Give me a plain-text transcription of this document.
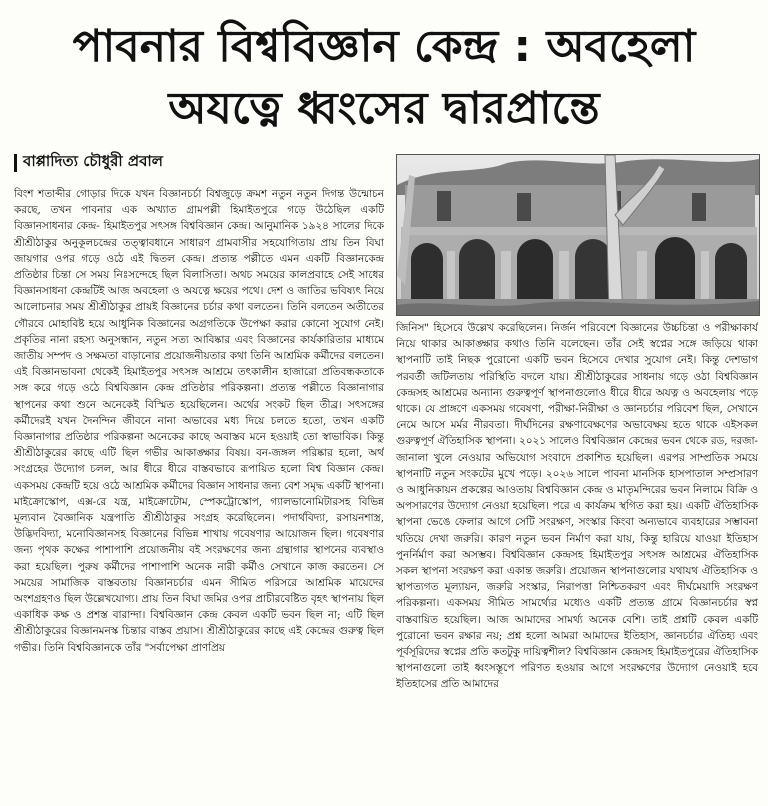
পাবনার বিশ্ববিজ্ঞান কেন্দ্র : অবহেলা
অযত্নে ধ্বংসের দ্বারপ্রান্তে
বাপ্পাদিত্য চৌধুরী প্রবাল

বিংশ শতাব্দীর গোড়ার দিকে যখন বিজ্ঞানচর্চা বিশ্বজুড়ে ক্রমশ নতুন নতুন দিগন্ত উন্মোচন করছে, তখন পাবনার এক অখ্যাত গ্রামপল্লী হিমাইতপুরে গড়ে উঠেছিল একটি বিজ্ঞানসাধনার কেন্দ্র- হিমাইতপুর সৎসঙ্গ বিশ্ববিজ্ঞান কেন্দ্র। আনুমানিক ১৯২৪ সালের দিকে শ্রীশ্রীঠাকুর অনুকূলচন্দ্রের তত্ত্বাবধানে সাধারণ গ্রামবাসীর সহযোগিতায় প্রায় তিন বিঘা জায়গার ওপর গড়ে ওঠে এই দ্বিতল কেন্দ্র। প্রত্যন্ত পল্লীতে এমন একটি বিজ্ঞানকেন্দ্র প্রতিষ্ঠার চিন্তা সে সময় নিঃসন্দেহে ছিল বিলাসিতা। অথচ সময়ের কালপ্রবাহে সেই সাধের বিজ্ঞানসাধনা কেন্দ্রটিই আজ অবহেলা ও অযত্নে ক্ষয়ের পথে। দেশ ও জাতির ভবিষ্যৎ নিয়ে আলোচনার সময় শ্রীশ্রীঠাকুর প্রায়ই বিজ্ঞানের চর্চার কথা বলতেন। তিনি বলতেন অতীতের গৌরবে মোহাবিষ্ট হয়ে আধুনিক বিজ্ঞানের অগ্রগতিকে উপেক্ষা করার কোনো সুযোগ নেই। প্রকৃতির নানা রহস্য অনুসন্ধান, নতুন সত্য আবিষ্কার এবং বিজ্ঞানের কার্যকারিতার মাধ্যমে জাতীয় সম্পদ ও সক্ষমতা বাড়ানোর প্রয়োজনীয়তার কথা তিনি আশ্রমিক কর্মীদের বলতেন। এই বিজ্ঞানভাবনা থেকেই হিমাইতপুর সৎসঙ্গ আশ্রমে তৎকালীন হাজারো প্রতিবন্ধকতাকে সঙ্গ করে গড়ে ওঠে বিশ্ববিজ্ঞান কেন্দ্র প্রতিষ্ঠার পরিকল্পনা। প্রত্যন্ত পল্লীতে বিজ্ঞানাগার স্থাপনের কথা শুনে অনেকেই বিস্মিত হয়েছিলেন। অর্থের সংকট ছিল তীব্র। সৎসঙ্গের কর্মীদেরই যখন দৈনন্দিন জীবনে নানা অভাবের মধ্য দিয়ে চলতে হতো, তখন একটি বিজ্ঞানাগার প্রতিষ্ঠার পরিকল্পনা অনেকের কাছে অবাস্তব মনে হওয়াই তো স্বাভাবিক। কিন্তু শ্রীশ্রীঠাকুরের কাছে এটি ছিল গভীর আকাঙ্ক্ষার বিষয়। বন-জঙ্গল পরিষ্কার হলো, অর্থ সংগ্রহের উদ্যোগ চলল, আর ধীরে ধীরে বাস্তবভাবে রূপায়িত হলো বিশ্ব বিজ্ঞান কেন্দ্র। একসময় কেন্দ্রটি হয়ে ওঠে আশ্রমিক কর্মীদের বিজ্ঞান সাধনার জন্য বেশ সমৃদ্ধ একটি স্থাপনা। মাইক্রোস্কোপ, এক্স-রে যন্ত্র, মাইক্রোটোম, স্পেকট্রোস্কোপ, গ্যালভানোমিটারসহ বিভিন্ন মূল্যবান বৈজ্ঞানিক যন্ত্রপাতি শ্রীশ্রীঠাকুর সংগ্রহ করেছিলেন। পদার্থবিদ্যা, রসায়নশাস্ত্র, উদ্ভিদবিদ্যা, মনোবিজ্ঞানসহ বিজ্ঞানের বিভিন্ন শাখায় গবেষণার আয়োজন ছিল। গবেষণার জন্য পৃথক কক্ষের পাশাপাশি প্রয়োজনীয় বই সংরক্ষণের জন্য গ্রন্থাগার স্থাপনের ব্যবস্থাও করা হয়েছিল। পুরুষ কর্মীদের পাশাপাশি অনেক নারী কর্মীও সেখানে কাজ করতেন। সে সময়ের সামাজিক বাস্তবতায় বিজ্ঞানচর্চার এমন সীমিত পরিসরে আশ্রমিক মায়েদের অংশগ্রহণও ছিল উল্লেখযোগ্য। প্রায় তিন বিঘা জমির ওপর প্রাচীরবেষ্টিত বৃহৎ স্থাপনায় ছিল একাধিক কক্ষ ও প্রশস্ত বারান্দা। বিশ্ববিজ্ঞান কেন্দ্র কেবল একটি ভবন ছিল না; এটি ছিল শ্রীশ্রীঠাকুরের বিজ্ঞানমনস্ক চিন্তার বাস্তব প্রয়াস। শ্রীশ্রীঠাকুরের কাছে এই কেন্দ্রের গুরুত্ব ছিল গভীর। তিনি বিশ্ববিজ্ঞানকে তাঁর "সর্বাপেক্ষা প্রাণপ্রিয়

জিনিস" হিসেবে উল্লেখ করেছিলেন। নির্জন পরিবেশে বিজ্ঞানের উচ্চচিন্তা ও পরীক্ষাকার্য নিয়ে থাকার আকাঙ্ক্ষার কথাও তিনি বলেছেন। তাঁর সেই স্বপ্নের সঙ্গে জড়িয়ে থাকা স্থাপনাটি তাই নিছক পুরোনো একটি ভবন হিসেবে দেখার সুযোগ নেই। কিন্তু দেশভাগ পরবর্তী জটিলতায় পরিস্থিতি বদলে যায়। শ্রীশ্রীঠাকুরের সাধনায় গড়ে ওঠা বিশ্ববিজ্ঞান কেন্দ্রসহ আশ্রমের অন্যান্য গুরুত্বপূর্ণ স্থাপনাগুলোও ধীরে ধীরে অযত্ন ও অবহেলায় পড়ে থাকে। যে প্রাঙ্গণে একসময় গবেষণা, পরীক্ষা-নিরীক্ষা ও জ্ঞানচর্চার পরিবেশ ছিল, সেখানে নেমে আসে মর্মর নীরবতা। দীর্ঘদিনের রক্ষণাবেক্ষণের অভাবেক্ষয় হতে থাকে এইসকল গুরুত্বপূর্ণ ঐতিহাসিক স্থাপনা। ২০২১ সালেও বিশ্ববিজ্ঞান কেন্দ্রের ভবন থেকে রড, দরজা-জানালা খুলে নেওয়ার অভিযোগ সংবাদে প্রকাশিত হয়েছিল। এরপর সাম্প্রতিক সময়ে স্থাপনাটি নতুন সংকটের মুখে পড়ে। ২০২৬ সালে পাবনা মানসিক হাসপাতাল সম্প্রসারণ ও আধুনিকায়ন প্রকল্পের আওতায় বিশ্ববিজ্ঞান কেন্দ্র ও মাতৃমন্দিরের ভবন নিলামে বিক্রি ও অপসারণের উদ্যোগ নেওয়া হয়েছিল। পরে এ কার্যক্রম স্থগিত করা হয়। একটি ঐতিহাসিক স্থাপনা ভেঙে ফেলার আগে সেটি সংরক্ষণ, সংস্কার কিংবা অন্যভাবে ব্যবহারের সম্ভাবনা খতিয়ে দেখা জরুরি। কারণ নতুন ভবন নির্মাণ করা যায়, কিন্তু হারিয়ে যাওয়া ইতিহাস পুনর্নির্মাণ করা অসম্ভব। বিশ্ববিজ্ঞান কেন্দ্রসহ হিমাইতপুর সৎসঙ্গ আশ্রমের ঐতিহাসিক সকল স্থাপনা সংরক্ষণ করা একান্ত জরুরি। প্রয়োজন স্থাপনাগুলোর যথাযথ ঐতিহাসিক ও স্থাপত্যগত মূল্যায়ন, জরুরি সংস্কার, নিরাপত্তা নিশ্চিতকরণ এবং দীর্ঘমেয়াদি সংরক্ষণ পরিকল্পনা। একসময় সীমিত সামর্থ্যের মধ্যেও একটি প্রত্যন্ত গ্রামে বিজ্ঞানচর্চার স্বপ্ন বাস্তবায়িত হয়েছিল। আজ আমাদের সামর্থ্য অনেক বেশি। তাই প্রশ্নটি কেবল একটি পুরোনো ভবন রক্ষার নয়; প্রশ্ন হলো আমরা আমাদের ইতিহাস, জ্ঞানচর্চার ঐতিহ্য এবং পূর্বসূরিদের স্বপ্নের প্রতি কতটুকু দায়িত্বশীল? বিশ্ববিজ্ঞান কেন্দ্রসহ হিমাইতপুরের ঐতিহাসিক স্থাপনাগুলো তাই ধ্বংসস্তূপে পরিণত হওয়ার আগে সংরক্ষণের উদ্যোগ নেওয়াই হবে ইতিহাসের প্রতি আমাদের
